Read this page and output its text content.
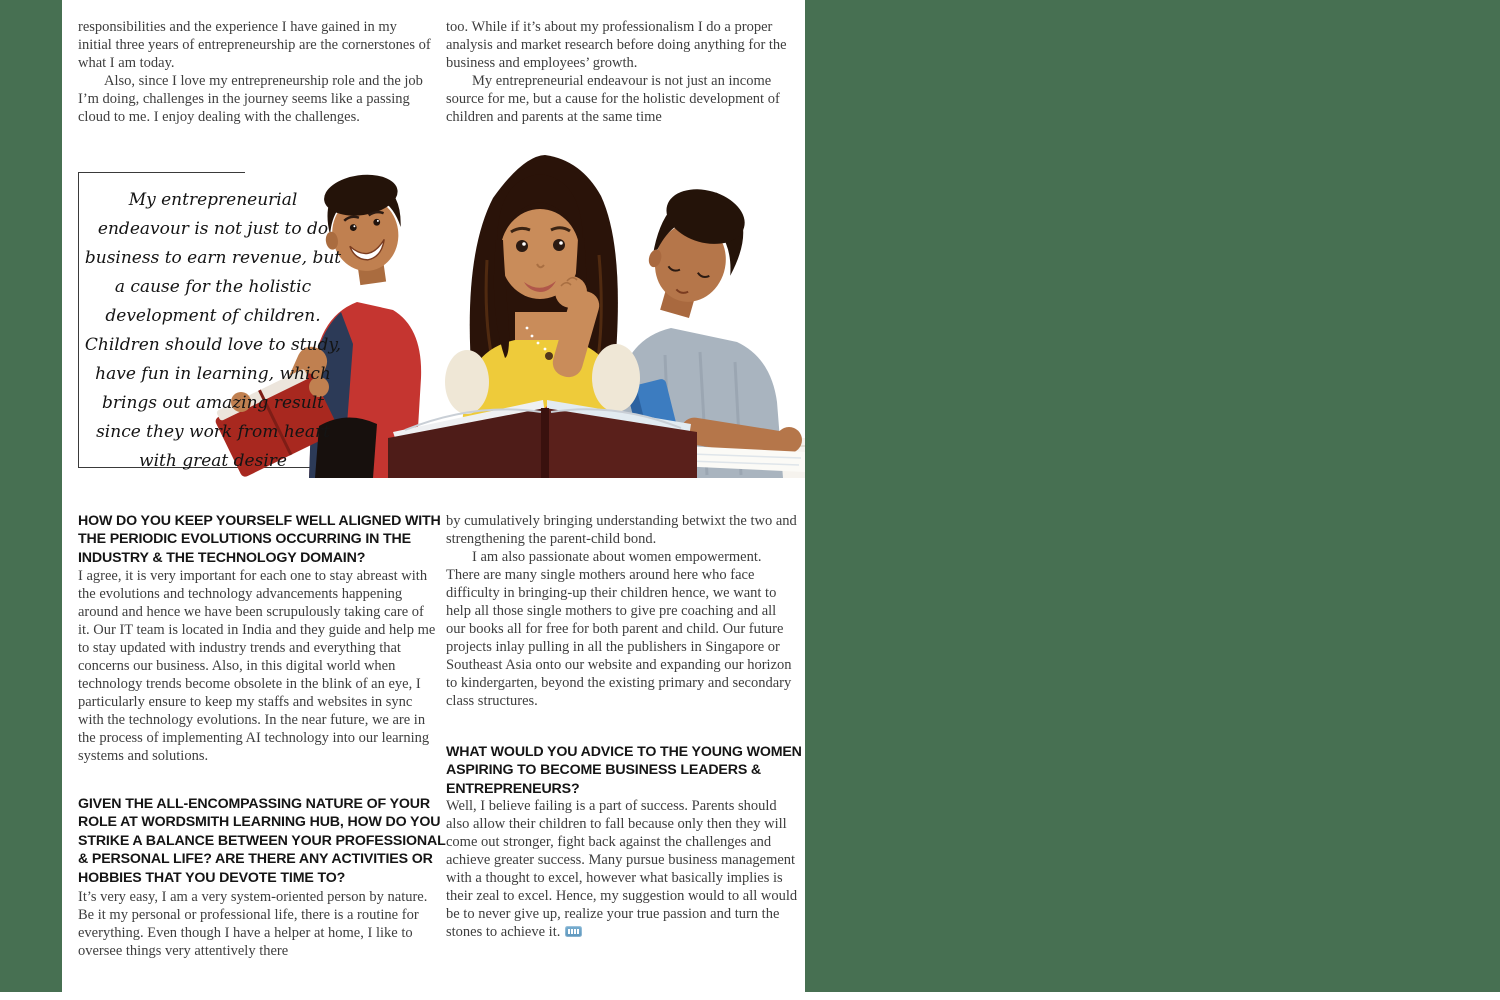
responsibilities and the experience I have gained in my initial three years of entrepreneurship are the cornerstones of what I am today.

Also, since I love my entrepreneurship role and the job I’m doing, challenges in the journey seems like a passing cloud to me. I enjoy dealing with the challenges.

too. While if it’s about my professionalism I do a proper analysis and market research before doing anything for the business and employees’ growth.

My entrepreneurial endeavour is not just an income source for me, but a cause for the holistic development of children and parents at the same time

My entrepreneurial endeavour is not just to do business to earn revenue, but a cause for the holistic development of children. Children should love to study, have fun in learning, which brings out amazing result since they work from heart with great desire
HOW DO YOU KEEP YOURSELF WELL ALIGNED WITH THE PERIODIC EVOLUTIONS OCCURRING IN THE INDUSTRY & THE TECHNOLOGY DOMAIN?

I agree, it is very important for each one to stay abreast with the evolutions and technology advancements happening around and hence we have been scrupulously taking care of it. Our IT team is located in India and they guide and help me to stay updated with industry trends and everything that concerns our business. Also, in this digital world when technology trends become obsolete in the blink of an eye, I particularly ensure to keep my staffs and websites in sync with the technology evolutions. In the near future, we are in the process of implementing AI technology into our learning systems and solutions.

GIVEN THE ALL-ENCOMPASSING NATURE OF YOUR ROLE AT WORDSMITH LEARNING HUB, HOW DO YOU STRIKE A BALANCE BETWEEN YOUR PROFESSIONAL & PERSONAL LIFE? ARE THERE ANY ACTIVITIES OR HOBBIES THAT YOU DEVOTE TIME TO?

It’s very easy, I am a very system-oriented person by nature. Be it my personal or professional life, there is a routine for everything. Even though I have a helper at home, I like to oversee things very attentively there

by cumulatively bringing understanding betwixt the two and strengthening the parent-child bond.

I am also passionate about women empowerment. There are many single mothers around here who face difficulty in bringing-up their children hence, we want to help all those single mothers to give pre coaching and all our books all for free for both parent and child. Our future projects inlay pulling in all the publishers in Singapore or Southeast Asia onto our website and expanding our horizon to kindergarten, beyond the existing primary and secondary class structures.

WHAT WOULD YOU ADVICE TO THE YOUNG WOMEN ASPIRING TO BECOME BUSINESS LEADERS & ENTREPRENEURS?

Well, I believe failing is a part of success. Parents should also allow their children to fall because only then they will come out stronger, fight back against the challenges and achieve greater success. Many pursue business management with a thought to excel, however what basically implies is their zeal to excel. Hence, my suggestion would to all would be to never give up, realize your true passion and turn the stones to achieve it.
